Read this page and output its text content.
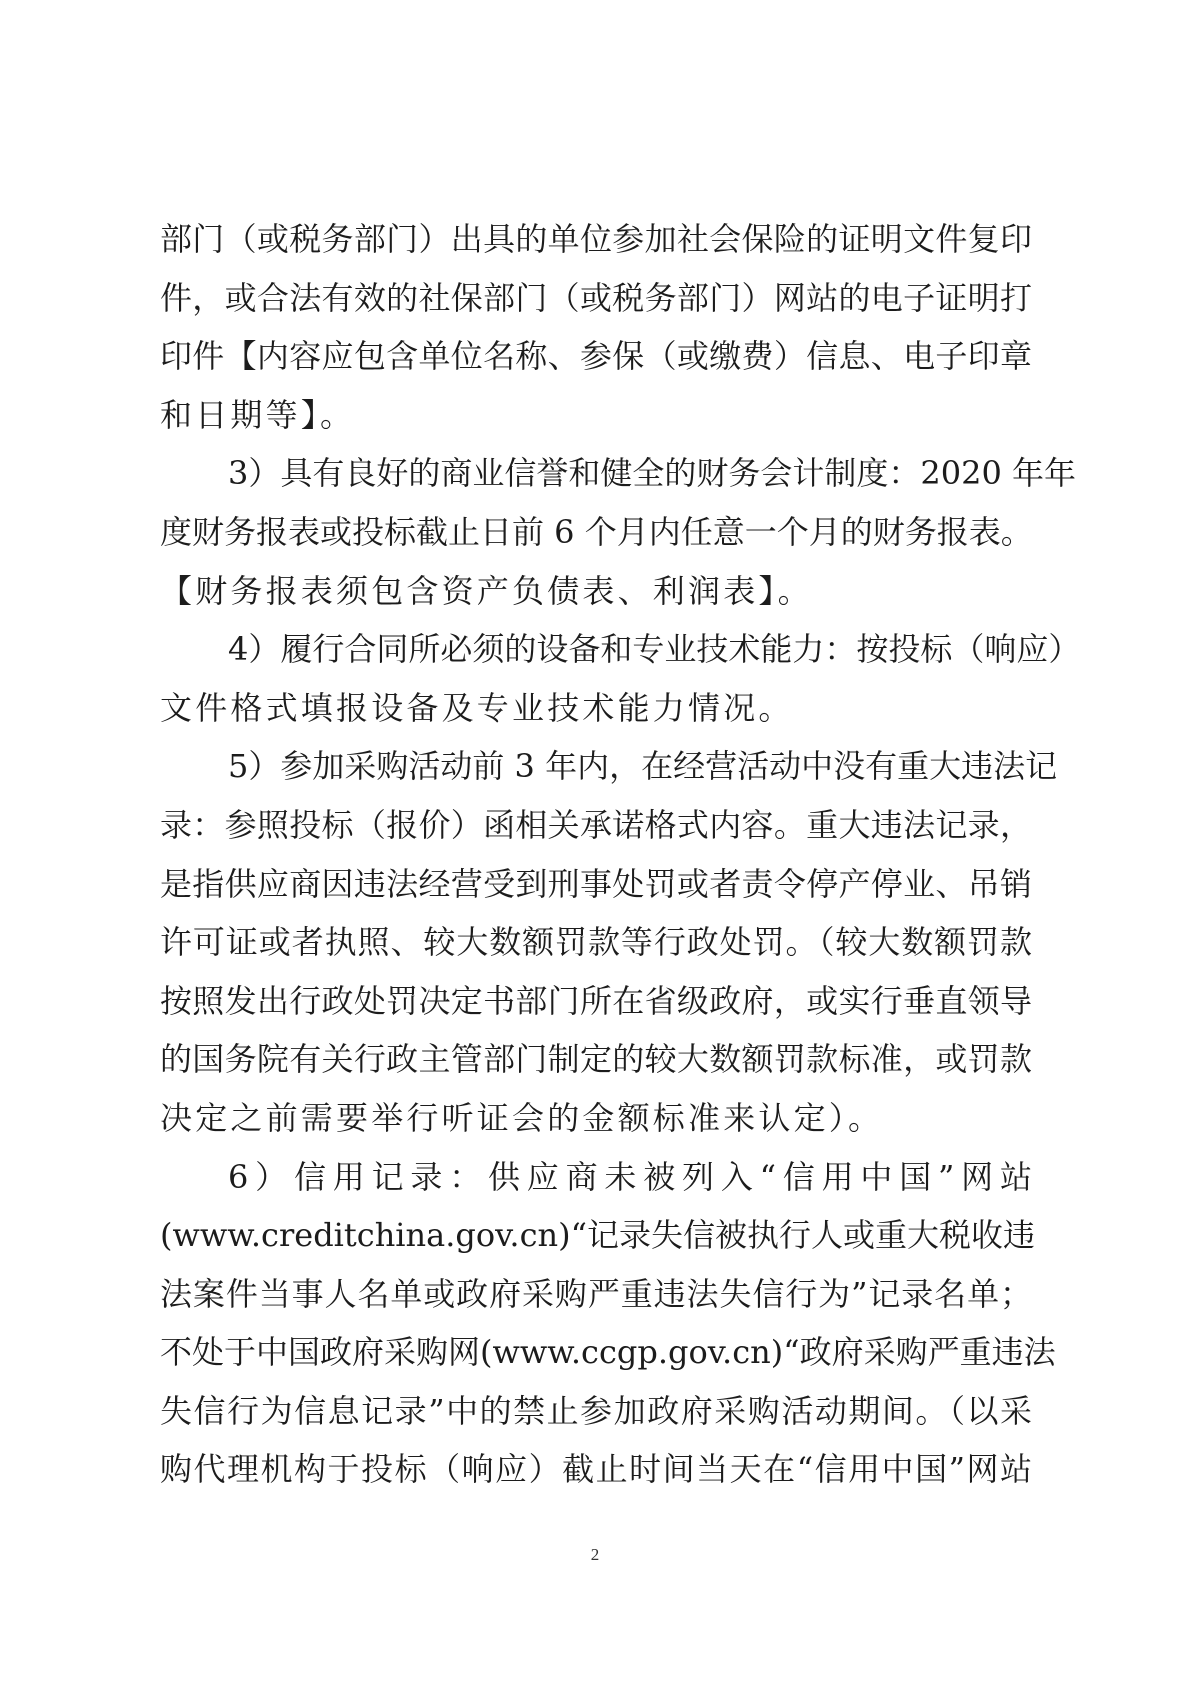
部门（或税务部门）出具的单位参加社会保险的证明文件复印
件，或合法有效的社保部门（或税务部门）网站的电子证明打
印件【内容应包含单位名称、参保（或缴费）信息、电子印章
和日期等】。
3）具有良好的商业信誉和健全的财务会计制度：2020 年年
度财务报表或投标截止日前 6 个月内任意一个月的财务报表。
【财务报表须包含资产负债表、利润表】。
4）履行合同所必须的设备和专业技术能力：按投标（响应）
文件格式填报设备及专业技术能力情况。
5）参加采购活动前 3 年内，在经营活动中没有重大违法记
录：参照投标（报价）函相关承诺格式内容。重大违法记录，
是指供应商因违法经营受到刑事处罚或者责令停产停业、吊销
许可证或者执照、较大数额罚款等行政处罚。（较大数额罚款
按照发出行政处罚决定书部门所在省级政府，或实行垂直领导
的国务院有关行政主管部门制定的较大数额罚款标准，或罚款
决定之前需要举行听证会的金额标准来认定）。
6）信用记录：供应商未被列入“信用中国”网站
(www.creditchina.gov.cn)“记录失信被执行人或重大税收违
法案件当事人名单或政府采购严重违法失信行为”记录名单；
不处于中国政府采购网(www.ccgp.gov.cn)“政府采购严重违法
失信行为信息记录”中的禁止参加政府采购活动期间。（以采
购代理机构于投标（响应）截止时间当天在“信用中国”网站
2
